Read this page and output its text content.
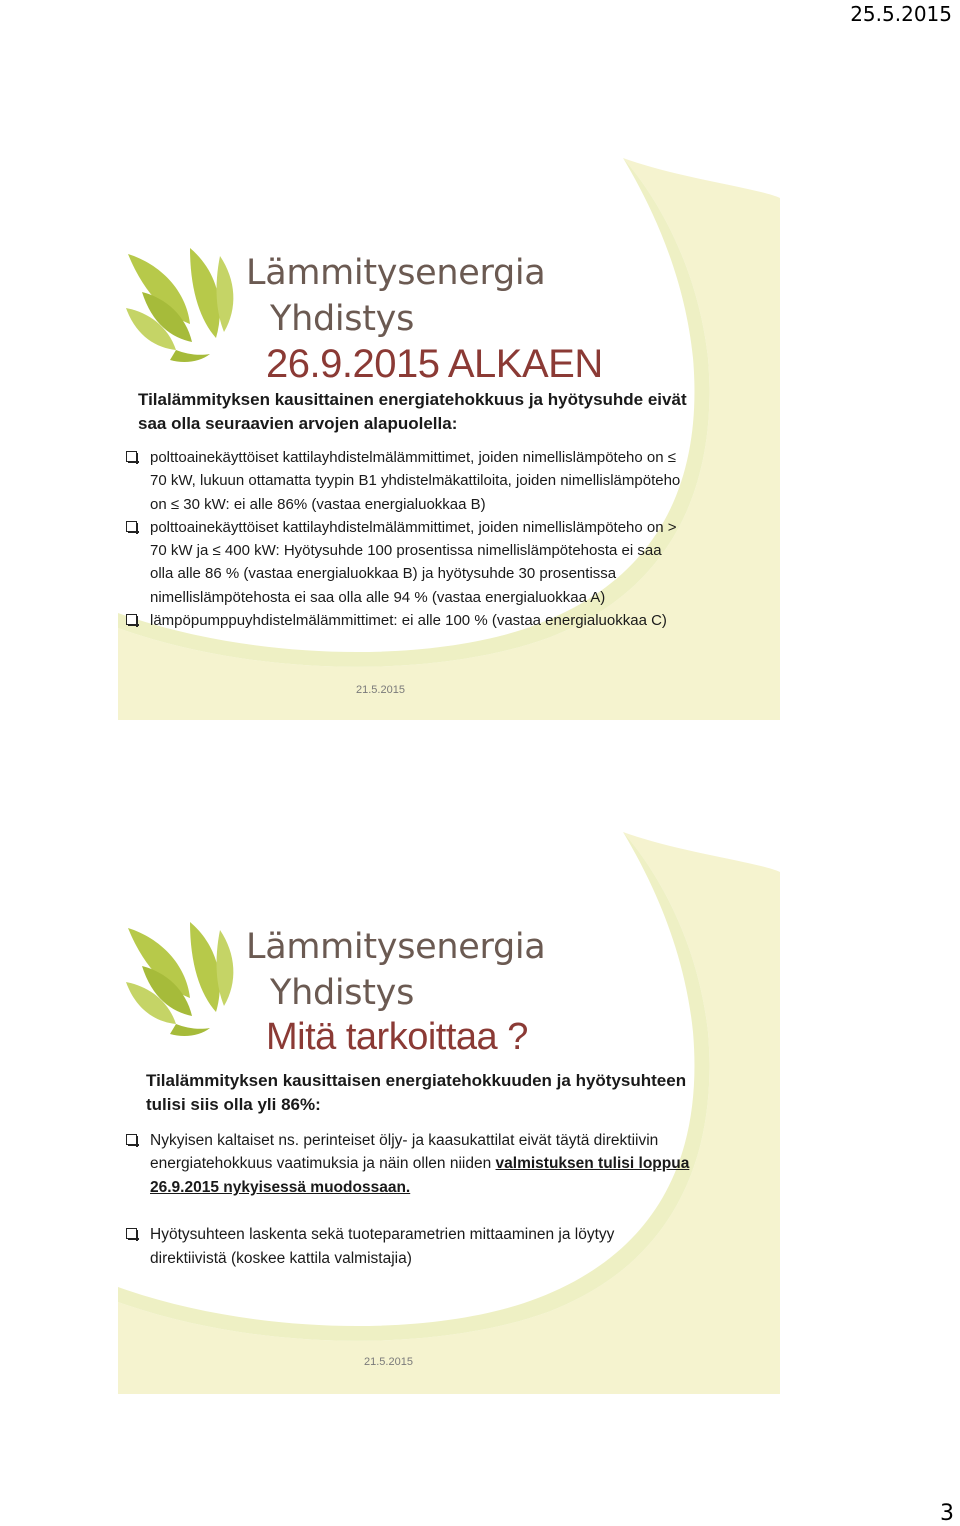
25.5.2015
Lämmitysenergia
Yhdistys
26.9.2015 ALKAEN
Tilalämmityksen kausittainen energiatehokkuus ja hyötysuhde eivät saa olla seuraavien arvojen alapuolella:
polttoainekäyttöiset kattilayhdistelmälämmittimet, joiden nimellislämpöteho on ≤ 70 kW, lukuun ottamatta tyypin B1 yhdistelmäkattiloita, joiden nimellislämpöteho on ≤ 30 kW: ei alle 86% (vastaa energialuokkaa B)
polttoainekäyttöiset kattilayhdistelmälämmittimet, joiden nimellislämpöteho on > 70 kW ja ≤ 400 kW: Hyötysuhde 100 prosentissa nimellislämpötehosta ei saa olla alle 86 % (vastaa energialuokkaa B) ja hyötysuhde 30 prosentissa nimellislämpötehosta ei saa olla alle 94 % (vastaa energialuokkaa A)
lämpöpumppuyhdistelmälämmittimet: ei alle 100 % (vastaa energialuokkaa C)
21.5.2015
Lämmitysenergia
Yhdistys
Mitä tarkoittaa ?
Tilalämmityksen kausittaisen energiatehokkuuden ja hyötysuhteen tulisi siis olla yli 86%:
Nykyisen kaltaiset ns. perinteiset öljy- ja kaasukattilat eivät täytä direktiivin energiatehokkuus vaatimuksia ja näin ollen niiden valmistuksen tulisi loppua 26.9.2015 nykyisessä muodossaan.
Hyötysuhteen laskenta sekä tuoteparametrien mittaaminen ja löytyy direktiivistä (koskee kattila valmistajia)
21.5.2015
3
